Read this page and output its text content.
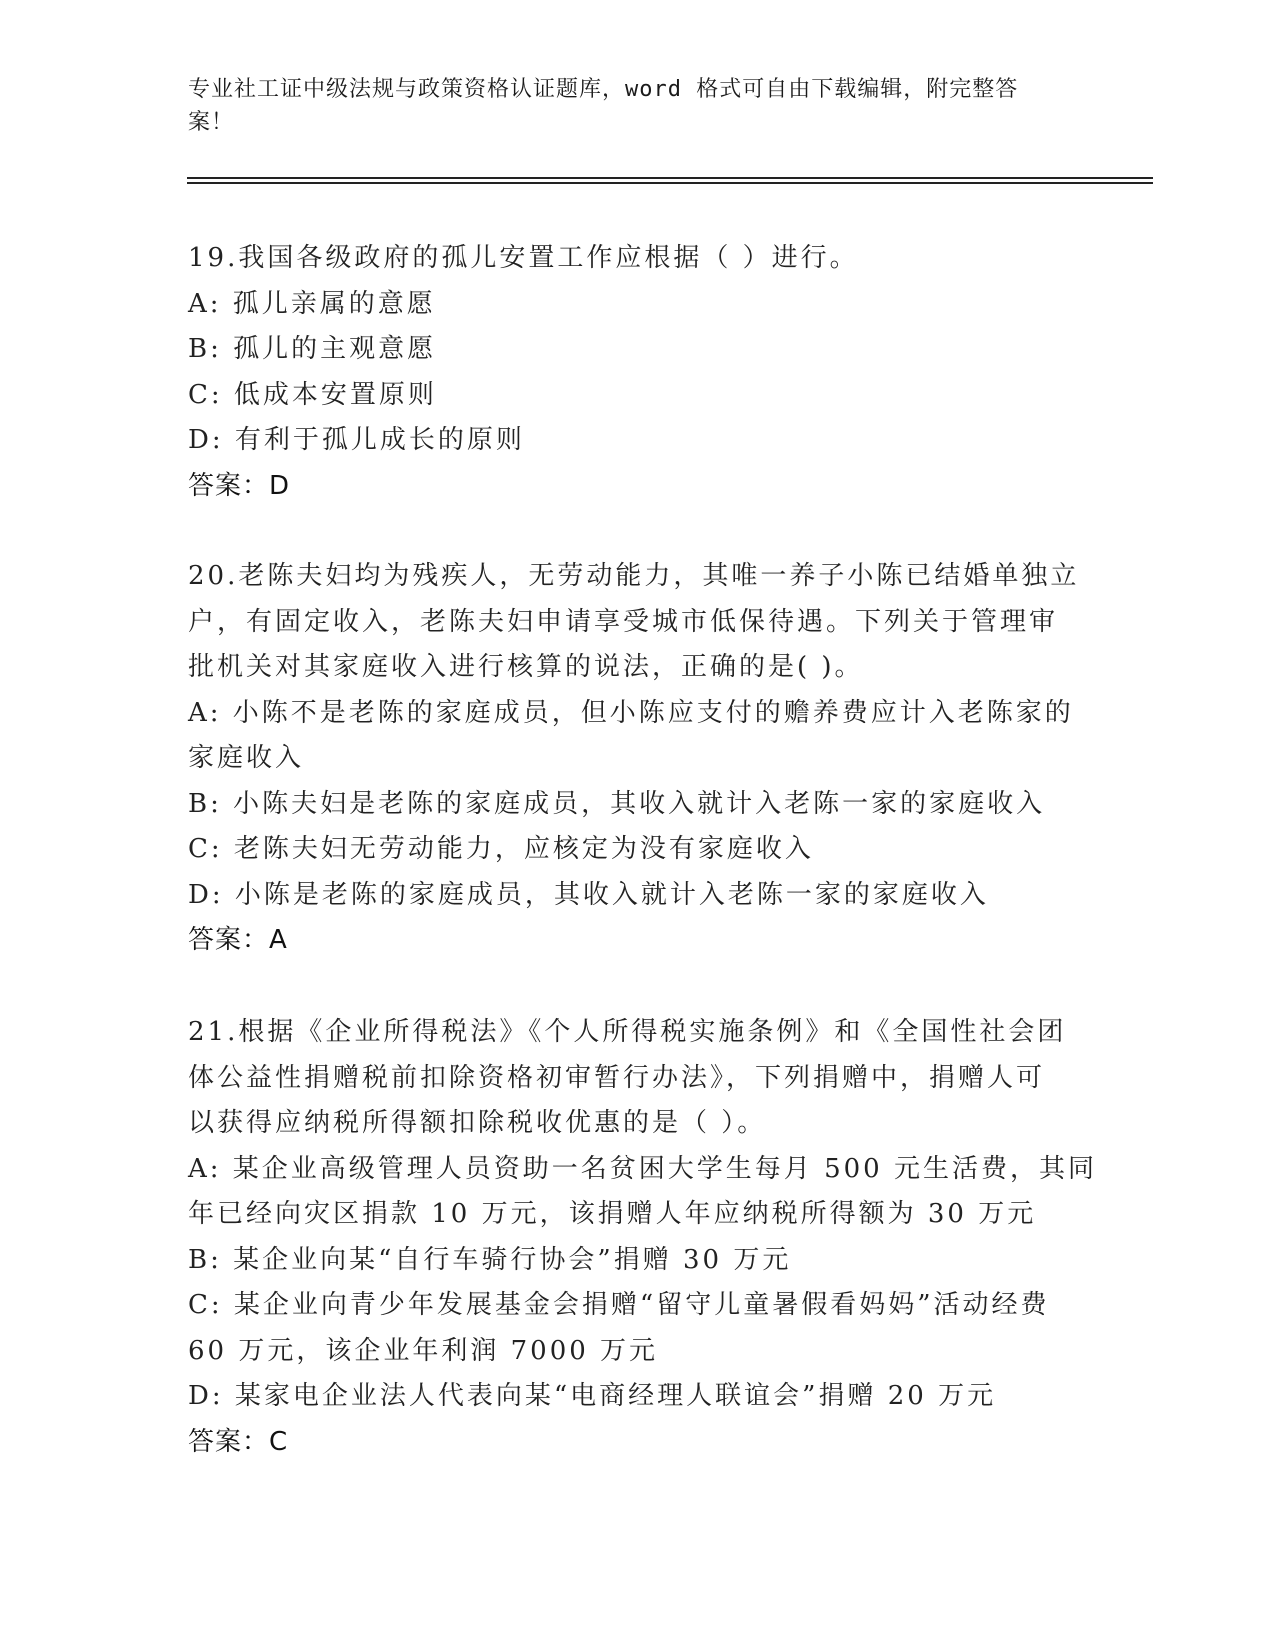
专业社工证中级法规与政策资格认证题库，word 格式可自由下载编辑，附完整答
案！
19.我国各级政府的孤儿安置工作应根据（ ）进行。
A: 孤儿亲属的意愿
B: 孤儿的主观意愿
C: 低成本安置原则
D: 有利于孤儿成长的原则
答案：D
20.老陈夫妇均为残疾人，无劳动能力，其唯一养子小陈已结婚单独立
户，有固定收入，老陈夫妇申请享受城市低保待遇。下列关于管理审
批机关对其家庭收入进行核算的说法，正确的是( )。
A: 小陈不是老陈的家庭成员，但小陈应支付的赡养费应计入老陈家的
家庭收入
B: 小陈夫妇是老陈的家庭成员，其收入就计入老陈一家的家庭收入
C: 老陈夫妇无劳动能力，应核定为没有家庭收入
D: 小陈是老陈的家庭成员，其收入就计入老陈一家的家庭收入
答案：A
21.根据《企业所得税法》《个人所得税实施条例》和《全国性社会团
体公益性捐赠税前扣除资格初审暂行办法》，下列捐赠中，捐赠人可
以获得应纳税所得额扣除税收优惠的是（ ）。
A: 某企业高级管理人员资助一名贫困大学生每月 500 元生活费，其同
年已经向灾区捐款 10 万元，该捐赠人年应纳税所得额为 30 万元
B: 某企业向某“自行车骑行协会”捐赠 30 万元
C: 某企业向青少年发展基金会捐赠“留守儿童暑假看妈妈”活动经费
60 万元，该企业年利润 7000 万元
D: 某家电企业法人代表向某“电商经理人联谊会”捐赠 20 万元
答案：C
